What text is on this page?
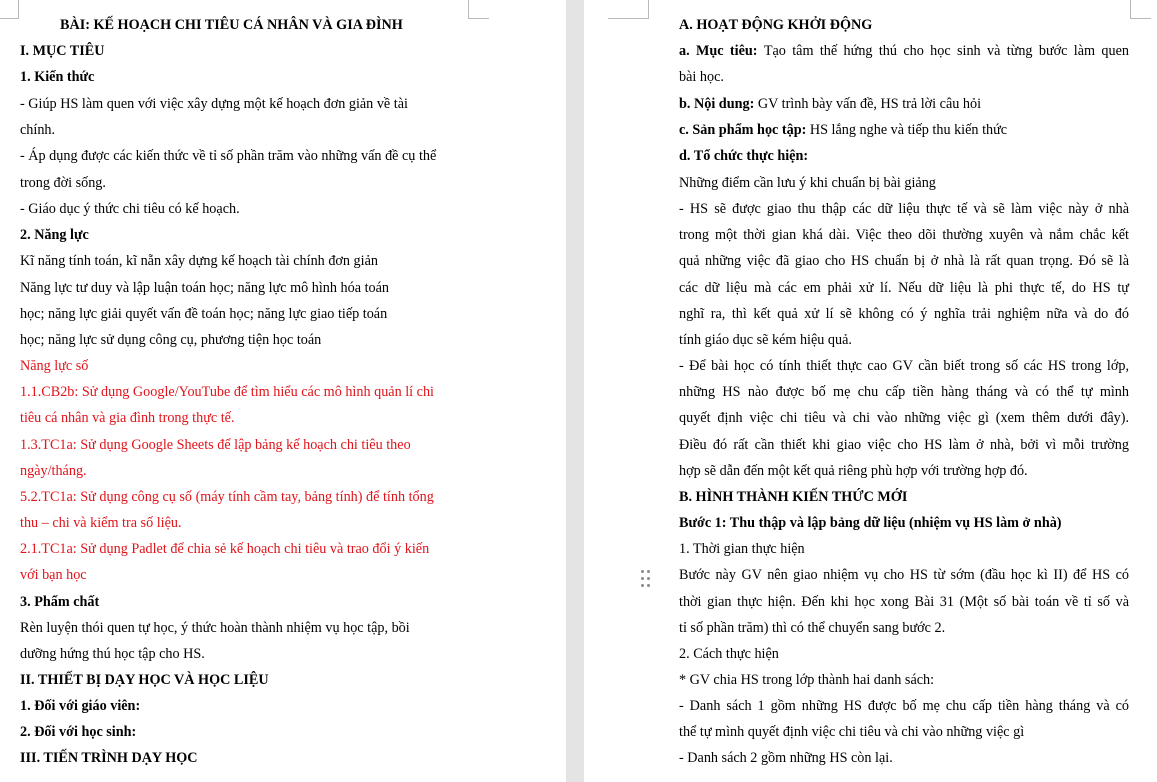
BÀI: KẾ HOẠCH CHI TIÊU CÁ NHÂN VÀ GIA ĐÌNH
I. MỤC TIÊU
1. Kiến thức
- Giúp HS làm quen với việc xây dựng một kế hoạch đơn giản về tài
chính.
- Áp dụng được các kiến thức về tỉ số phần trăm vào những vấn đề cụ thể
trong đời sống.
- Giáo dục ý thức chi tiêu có kế hoạch.
2. Năng lực
Kĩ năng tính toán, kĩ nẵn xây dựng kế hoạch tài chính đơn giản
Năng lực tư duy và lập luận toán học; năng lực mô hình hóa toán
học; năng lực giải quyết vấn đề toán học; năng lực giao tiếp toán
học; năng lực sử dụng công cụ, phương tiện học toán
Năng lực số
1.1.CB2b: Sử dụng Google/YouTube để tìm hiểu các mô hình quản lí chi
tiêu cá nhân và gia đình trong thực tế.
1.3.TC1a: Sử dụng Google Sheets để lập bảng kế hoạch chi tiêu theo
ngày/tháng.
5.2.TC1a: Sử dụng công cụ số (máy tính cầm tay, bảng tính) để tính tổng
thu – chi và kiểm tra số liệu.
2.1.TC1a: Sử dụng Padlet để chia sẻ kế hoạch chi tiêu và trao đổi ý kiến
với bạn học
3. Phẩm chất
Rèn luyện thói quen tự học, ý thức hoàn thành nhiệm vụ học tập, bồi
dưỡng hứng thú học tập cho HS.
II. THIẾT BỊ DẠY HỌC VÀ HỌC LIỆU
1. Đối với giáo viên:
2. Đối với học sinh:
III. TIẾN TRÌNH DẠY HỌC
A. HOẠT ĐỘNG KHỞI ĐỘNG
a. Mục tiêu: Tạo tâm thế hứng thú cho học sinh và từng bước làm quen
bài học.
b. Nội dung: GV trình bày vấn đề, HS trả lời câu hỏi
c. Sản phẩm học tập: HS lắng nghe và tiếp thu kiến thức
d. Tổ chức thực hiện:
Những điểm cần lưu ý khi chuẩn bị bài giảng
- HS sẽ được giao thu thập các dữ liệu thực tế và sẽ làm việc này ở nhà
trong một thời gian khá dài. Việc theo dõi thường xuyên và nắm chắc kết
quả những việc đã giao cho HS chuẩn bị ở nhà là rất quan trọng. Đó sẽ là
các dữ liệu mà các em phải xử lí. Nếu dữ liệu là phi thực tế, do HS tự
nghĩ ra, thì kết quả xử lí sẽ không có ý nghĩa trải nghiệm nữa và do đó
tính giáo dục sẽ kém hiệu quả.
- Để bài học có tính thiết thực cao GV cần biết trong số các HS trong lớp,
những HS nào được bố mẹ chu cấp tiền hàng tháng và có thể tự mình
quyết định việc chi tiêu và chi vào những việc gì (xem thêm dưới đây).
Điều đó rất cần thiết khi giao việc cho HS làm ở nhà, bởi vì mỗi trường
hợp sẽ dẫn đến một kết quả riêng phù hợp với trường hợp đó.
B. HÌNH THÀNH KIẾN THỨC MỚI
Bước 1: Thu thập và lập bảng dữ liệu (nhiệm vụ HS làm ở nhà)
1. Thời gian thực hiện
Bước này GV nên giao nhiệm vụ cho HS từ sớm (đầu học kì II) để HS có
thời gian thực hiện. Đến khi học xong Bài 31 (Một số bài toán về tỉ số và
tỉ số phần trăm) thì có thể chuyển sang bước 2.
2. Cách thực hiện
* GV chia HS trong lớp thành hai danh sách:
- Danh sách 1 gồm những HS được bố mẹ chu cấp tiền hàng tháng và có
thể tự mình quyết định việc chi tiêu và chi vào những việc gì
- Danh sách 2 gồm những HS còn lại.
